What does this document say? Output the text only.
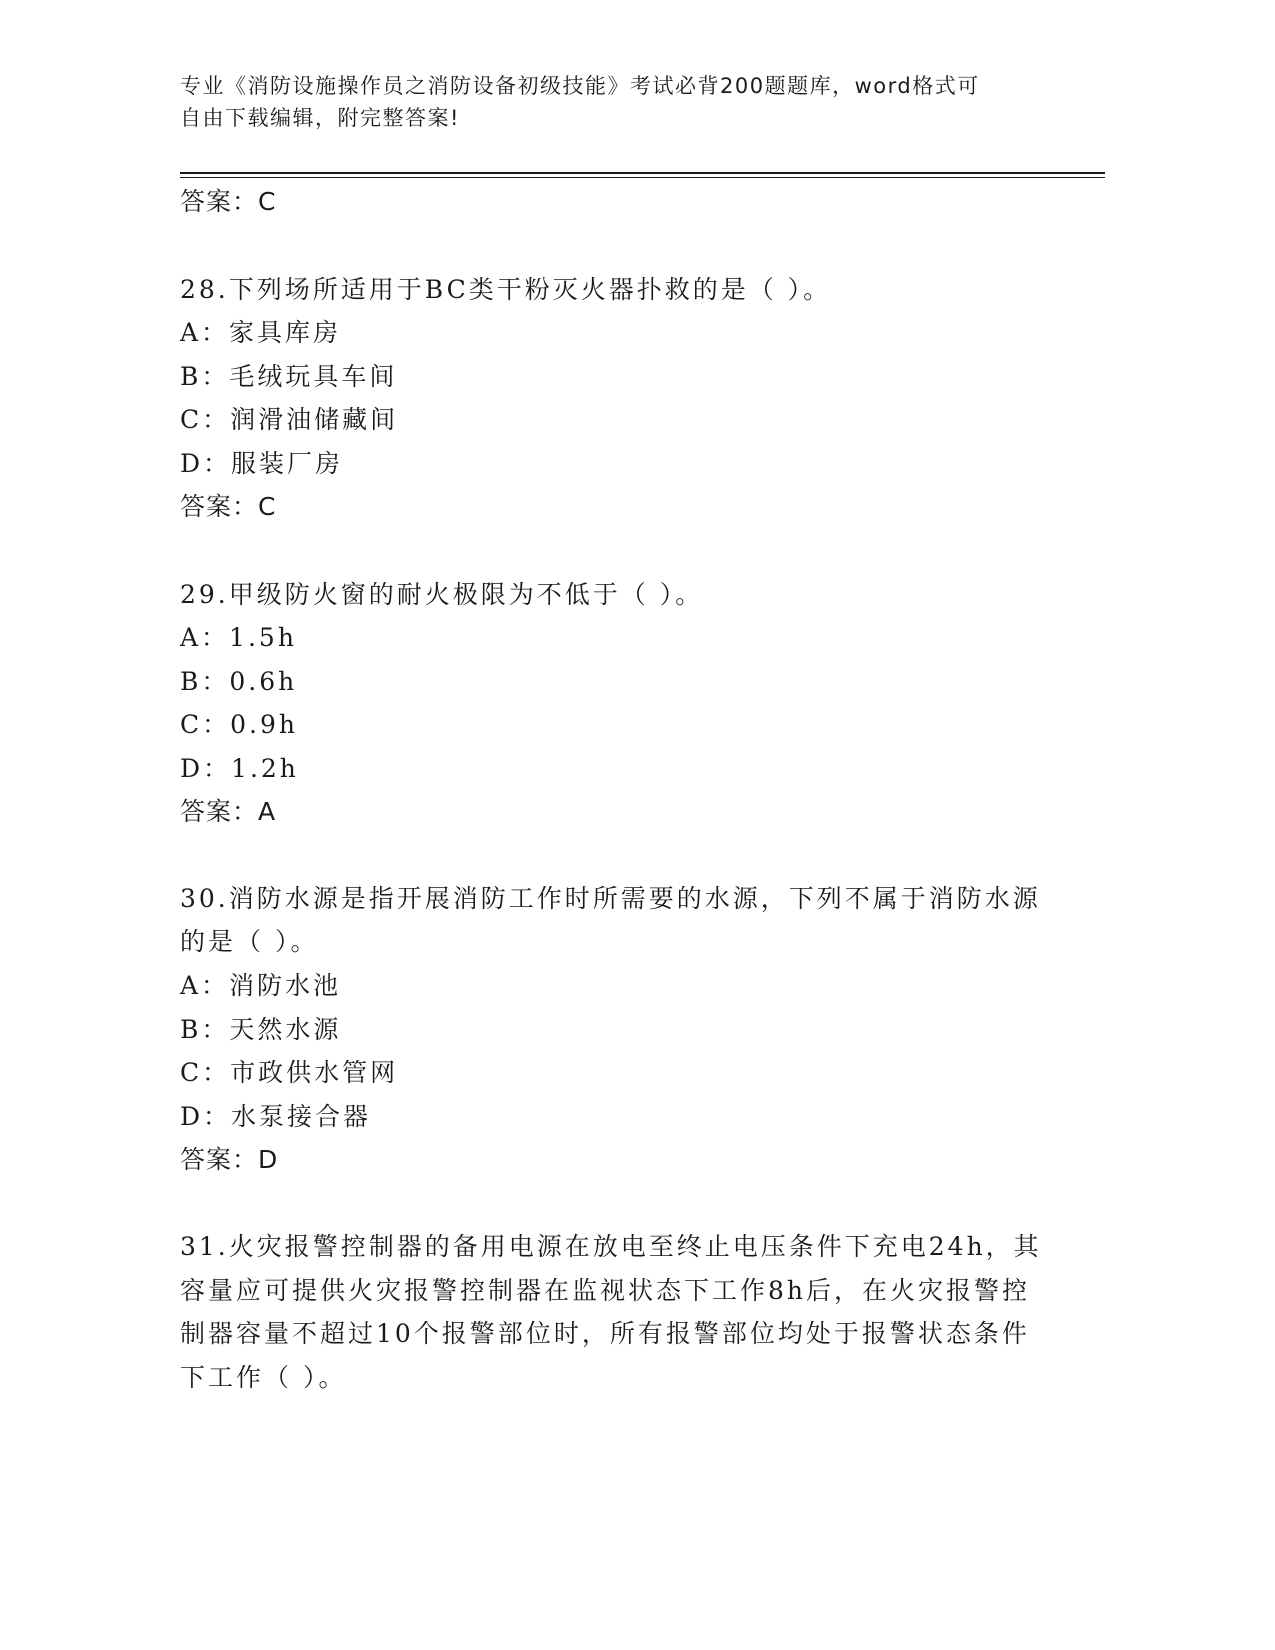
专业《消防设施操作员之消防设备初级技能》考试必背200题题库，word格式可
自由下载编辑，附完整答案!
答案：C
28.下列场所适用于BC类干粉灭火器扑救的是（ ）。
A：家具库房
B：毛绒玩具车间
C：润滑油储藏间
D：服装厂房
答案：C
29.甲级防火窗的耐火极限为不低于（ ）。
A：1.5h
B：0.6h
C：0.9h
D：1.2h
答案：A
30.消防水源是指开展消防工作时所需要的水源，下列不属于消防水源
的是（ ）。
A：消防水池
B：天然水源
C：市政供水管网
D：水泵接合器
答案：D
31.火灾报警控制器的备用电源在放电至终止电压条件下充电24h，其
容量应可提供火灾报警控制器在监视状态下工作8h后，在火灾报警控
制器容量不超过10个报警部位时，所有报警部位均处于报警状态条件
下工作（ ）。
